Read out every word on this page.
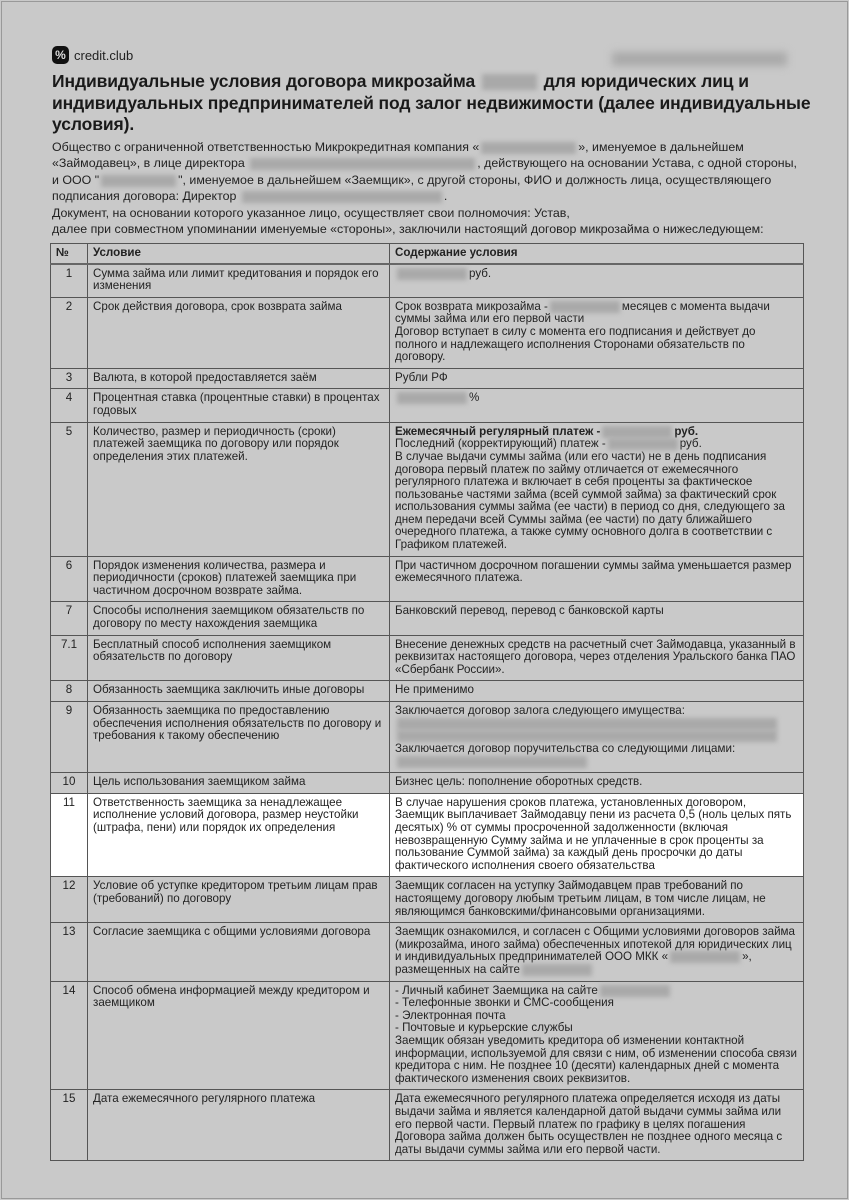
% credit.club
Индивидуальные условия договора микрозайма	для юридических лиц и индивидуальных предпринимателей под залог недвижимости (далее индивидуальные условия).
Общество с ограниченной ответственностью Микрокредитная компания «	», именуемое в дальнейшем «Займодавец», в лице директора	, действующего на основании Устава, с одной стороны, и ООО "	", именуемое в дальнейшем «Заемщик», с другой стороны, ФИО и должность лица, осуществляющего подписания договора: Директор	.
Документ, на основании которого указанное лицо, осуществляет свои полномочия: Устав,
далее при совместном упоминании именуемые «стороны», заключили настоящий договор микрозайма о нижеследующем:
№	Условие	Содержание условия
1	Сумма займа или лимит кредитования и порядок его изменения	руб.

2	Срок действия договора, срок возврата займа	Срок возврата микрозайма - месяцев с момента выдачи суммы займа или его первой части
Договор вступает в силу с момента его подписания и действует до полного и надлежащего исполнения Сторонами обязательств по договору.

3	Валюта, в которой предоставляется заём	Рубли РФ

4	Процентная ставка (процентные ставки) в процентах годовых	%

5	Количество, размер и периодичность (сроки) платежей заемщика по договору или порядок определения этих платежей.	Ежемесячный регулярный платеж - руб.
Последний (корректирующий) платеж - руб.
В случае выдачи суммы займа (или его части) не в день подписания договора первый платеж по займу отличается от ежемесячного регулярного платежа и включает в себя проценты за фактическое пользованье частями займа (всей суммой займа) за фактический срок использования суммы займа (ее части) в период со дня, следующего за днем передачи всей Суммы займа (ее части) по дату ближайшего очередного платежа, а также сумму основного долга в соответствии с Графиком платежей.

6	Порядок изменения количества, размера и периодичности (сроков) платежей заемщика при частичном досрочном возврате займа.	При частичном досрочном погашении суммы займа уменьшается размер ежемесячного платежа.

7	Способы исполнения заемщиком обязательств по договору по месту нахождения заемщика	Банковский перевод, перевод с банковской карты

7.1	Бесплатный способ исполнения заемщиком обязательств по договору	Внесение денежных средств на расчетный счет Займодавца, указанный в реквизитах настоящего договора, через отделения Уральского банка ПАО «Сбербанк России».

8	Обязанность заемщика заключить иные договоры	Не применимо

9	Обязанность заемщика по предоставлению обеспечения исполнения обязательств по договору и требования к такому обеспечению	Заключается договор залога следующего имущества:
Заключается договор поручительства со следующими лицами:

10	Цель использования заемщиком займа	Бизнес цель: пополнение оборотных средств.

11	Ответственность заемщика за ненадлежащее исполнение условий договора, размер неустойки (штрафа, пени) или порядок их определения	В случае нарушения сроков платежа, установленных договором, Заемщик выплачивает Займодавцу пени из расчета 0,5 (ноль целых пять десятых) % от суммы просроченной задолженности (включая невозвращенную Сумму займа и не уплаченные в срок проценты за пользование Суммой займа) за каждый день просрочки до даты фактического исполнения своего обязательства

12	Условие об уступке кредитором третьим лицам прав (требований) по договору	Заемщик согласен на уступку Займодавцем прав требований по настоящему договору любым третьим лицам, в том числе лицам, не являющимся банковскими/финансовыми организациями.

13	Согласие заемщика с общими условиями договора	Заемщик ознакомился, и согласен с Общими условиями договоров займа (микрозайма, иного займа) обеспеченных ипотекой для юридических лиц и индивидуальных предпринимателей ООО МКК « », размещенных на сайте

14	Способ обмена информацией между кредитором и заемщиком	- Личный кабинет Заемщика на сайте
- Телефонные звонки и СМС-сообщения
- Электронная почта
- Почтовые и курьерские службы
Заемщик обязан уведомить кредитора об изменении контактной информации, используемой для связи с ним, об изменении способа связи кредитора с ним. Не позднее 10 (десяти) календарных дней с момента фактического изменения своих реквизитов.

15	Дата ежемесячного регулярного платежа	Дата ежемесячного регулярного платежа определяется исходя из даты выдачи займа и является календарной датой выдачи суммы займа или его первой части. Первый платеж по графику в целях погашения Договора займа должен быть осуществлен не позднее одного месяца с даты выдачи суммы займа или его первой части.
